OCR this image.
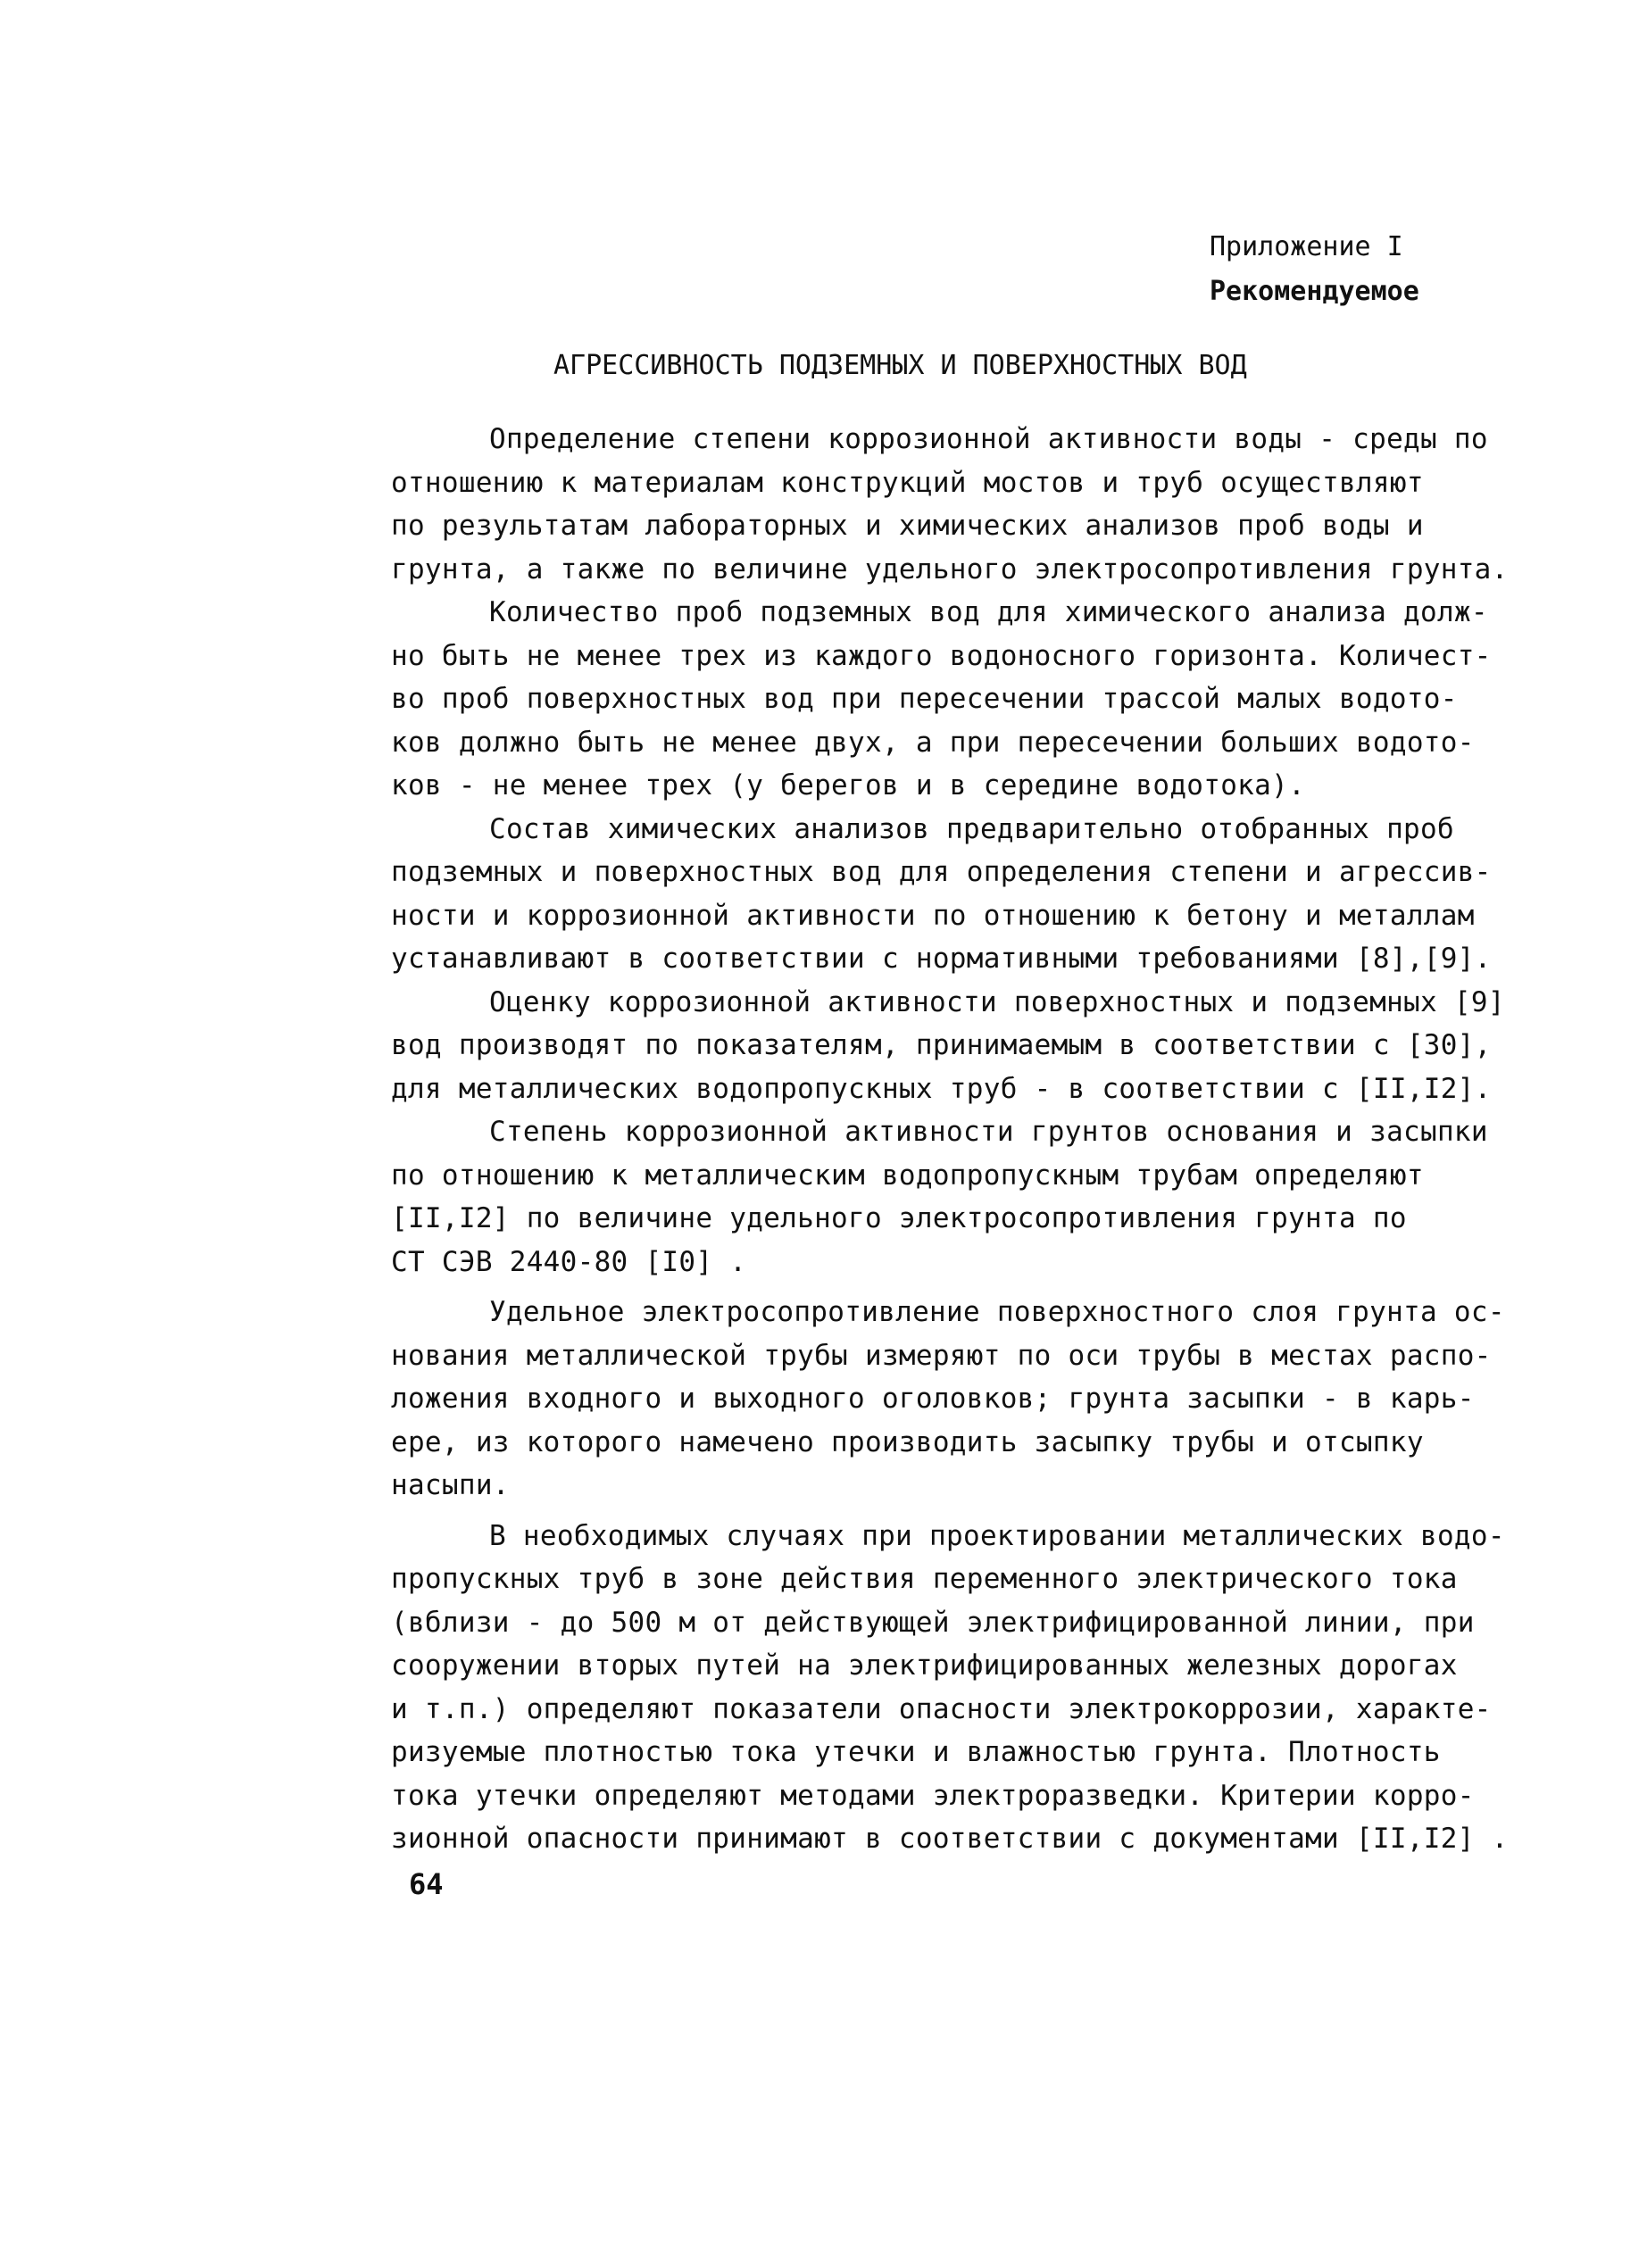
Приложение I
Рекомендуемое
АГРЕССИВНОСТЬ ПОДЗЕМНЫХ И ПОВЕРХНОСТНЫХ ВОД
Определение степени коррозионной активности воды - среды по
отношению к материалам конструкций мостов и труб осуществляют
по результатам лабораторных и химических анализов проб воды и
грунта, а также по величине удельного электросопротивления грунта.
Количество проб подземных вод для химического анализа долж-
но быть не менее трех из каждого водоносного горизонта. Количест-
во проб поверхностных вод при пересечении трассой малых водото-
ков должно быть не менее двух, а при пересечении больших водото-
ков - не менее трех (у берегов и в середине водотока).
Состав химических анализов предварительно отобранных проб
подземных и поверхностных вод для определения степени и агрессив-
ности и коррозионной активности по отношению к бетону и металлам
устанавливают в соответствии с нормативными требованиями [8],[9].
Оценку коррозионной активности поверхностных и подземных [9]
вод производят по показателям, принимаемым в соответствии с [30],
для металлических водопропускных труб - в соответствии с [II,I2].
Степень коррозионной активности грунтов основания и засыпки
по отношению к металлическим водопропускным трубам определяют
[II,I2] по величине удельного электросопротивления грунта по
СТ СЭВ 2440-80 [I0] .
Удельное электросопротивление поверхностного слоя грунта ос-
нования металлической трубы измеряют по оси трубы в местах распо-
ложения входного и выходного оголовков; грунта засыпки - в карь-
ере, из которого намечено производить засыпку трубы и отсыпку
насыпи.
В необходимых случаях при проектировании металлических водо-
пропускных труб в зоне действия переменного электрического тока
(вблизи - до 500 м от действующей электрифицированной линии, при
сооружении вторых путей на электрифицированных железных дорогах
и т.п.) определяют показатели опасности электрокоррозии, характе-
ризуемые плотностью тока утечки и влажностью грунта. Плотность
тока утечки определяют методами электроразведки. Критерии корро-
зионной опасности принимают в соответствии с документами [II,I2] .
64
